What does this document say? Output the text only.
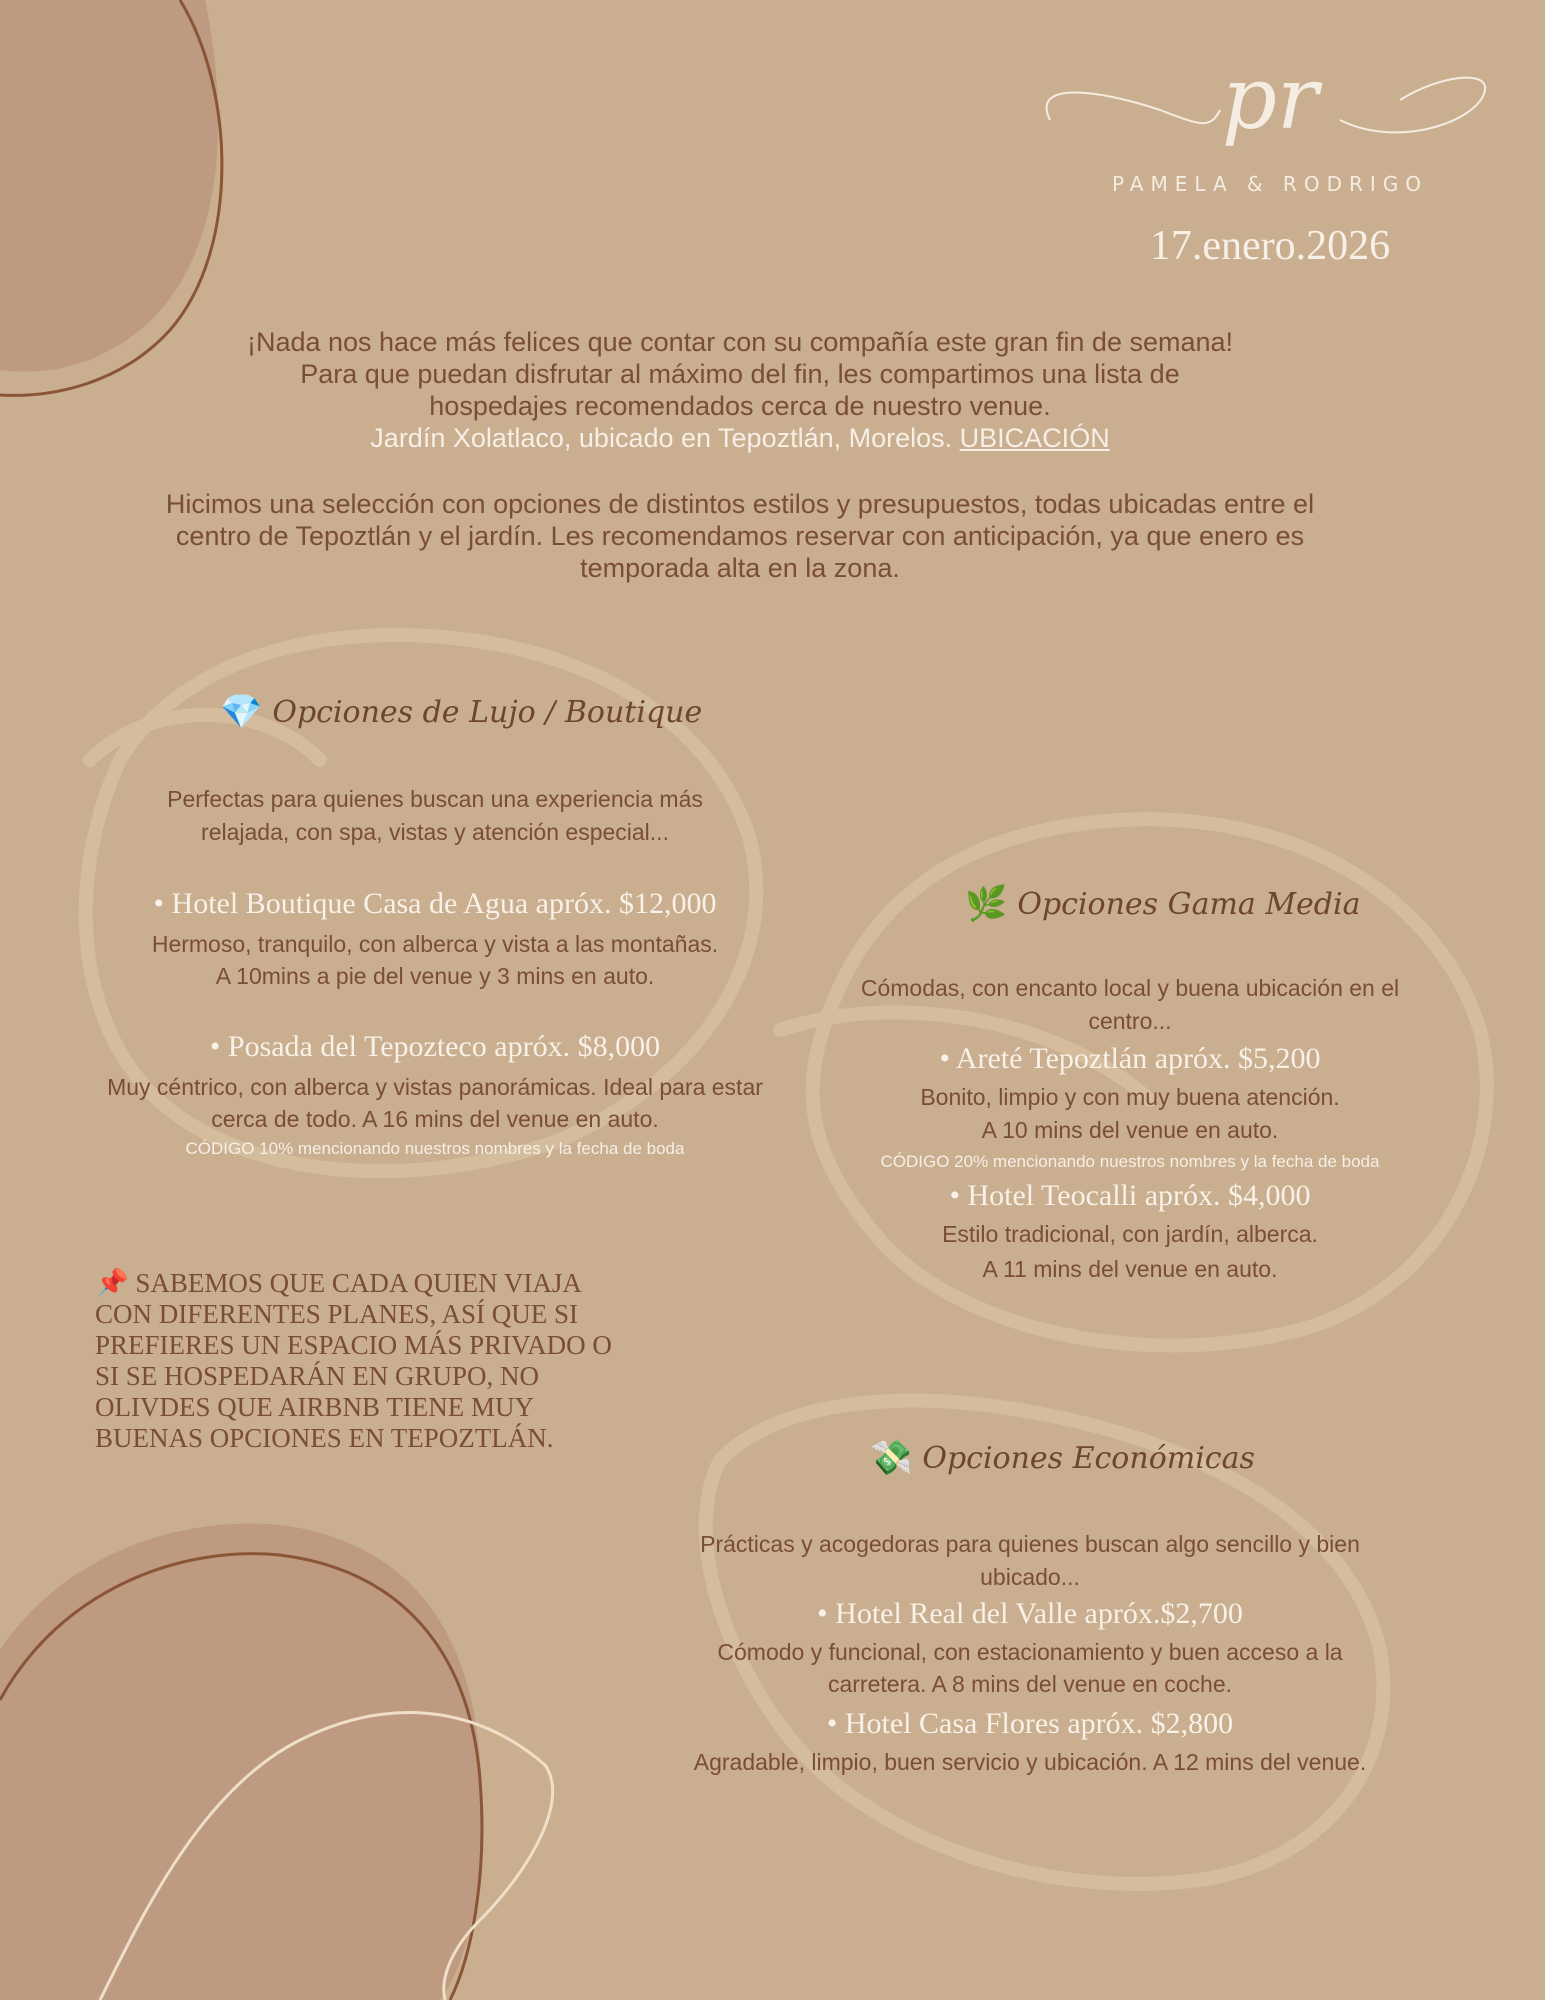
pr
PAMELA & RODRIGO
17.enero.2026
¡Nada nos hace más felices que contar con su compañía este gran fin de semana!
Para que puedan disfrutar al máximo del fin, les compartimos una lista de hospedajes recomendados cerca de nuestro venue.
Jardín Xolatlaco, ubicado en Tepoztlán, Morelos. UBICACIÓN
Hicimos una selección con opciones de distintos estilos y presupuestos, todas ubicadas entre el centro de Tepoztlán y el jardín. Les recomendamos reservar con anticipación, ya que enero es temporada alta en la zona.
💎 Opciones de Lujo / Boutique
Perfectas para quienes buscan una experiencia más relajada, con spa, vistas y atención especial...
• Hotel Boutique Casa de Agua apróx. $12,000
Hermoso, tranquilo, con alberca y vista a las montañas.
A 10mins a pie del venue y 3 mins en auto.
• Posada del Tepozteco apróx. $8,000
Muy céntrico, con alberca y vistas panorámicas. Ideal para estar cerca de todo. A 16 mins del venue en auto.
CÓDIGO 10% mencionando nuestros nombres y la fecha de boda
🌿 Opciones Gama Media
Cómodas, con encanto local y buena ubicación en el centro...
• Areté Tepoztlán apróx. $5,200
Bonito, limpio y con muy buena atención.
A 10 mins del venue en auto.
CÓDIGO 20% mencionando nuestros nombres y la fecha de boda
• Hotel Teocalli apróx. $4,000
Estilo tradicional, con jardín, alberca.
A 11 mins del venue en auto.
📌 SABEMOS QUE CADA QUIEN VIAJA CON DIFERENTES PLANES, ASÍ QUE SI PREFIERES UN ESPACIO MÁS PRIVADO O SI SE HOSPEDARÁN EN GRUPO, NO OLIVDES QUE AIRBNB TIENE MUY BUENAS OPCIONES EN TEPOZTLÁN.	💸 Opciones Económicas
Prácticas y acogedoras para quienes buscan algo sencillo y bien ubicado...
• Hotel Real del Valle apróx.$2,700
Cómodo y funcional, con estacionamiento y buen acceso a la carretera. A 8 mins del venue en coche.
• Hotel Casa Flores apróx. $2,800
Agradable, limpio, buen servicio y ubicación. A 12 mins del venue.
